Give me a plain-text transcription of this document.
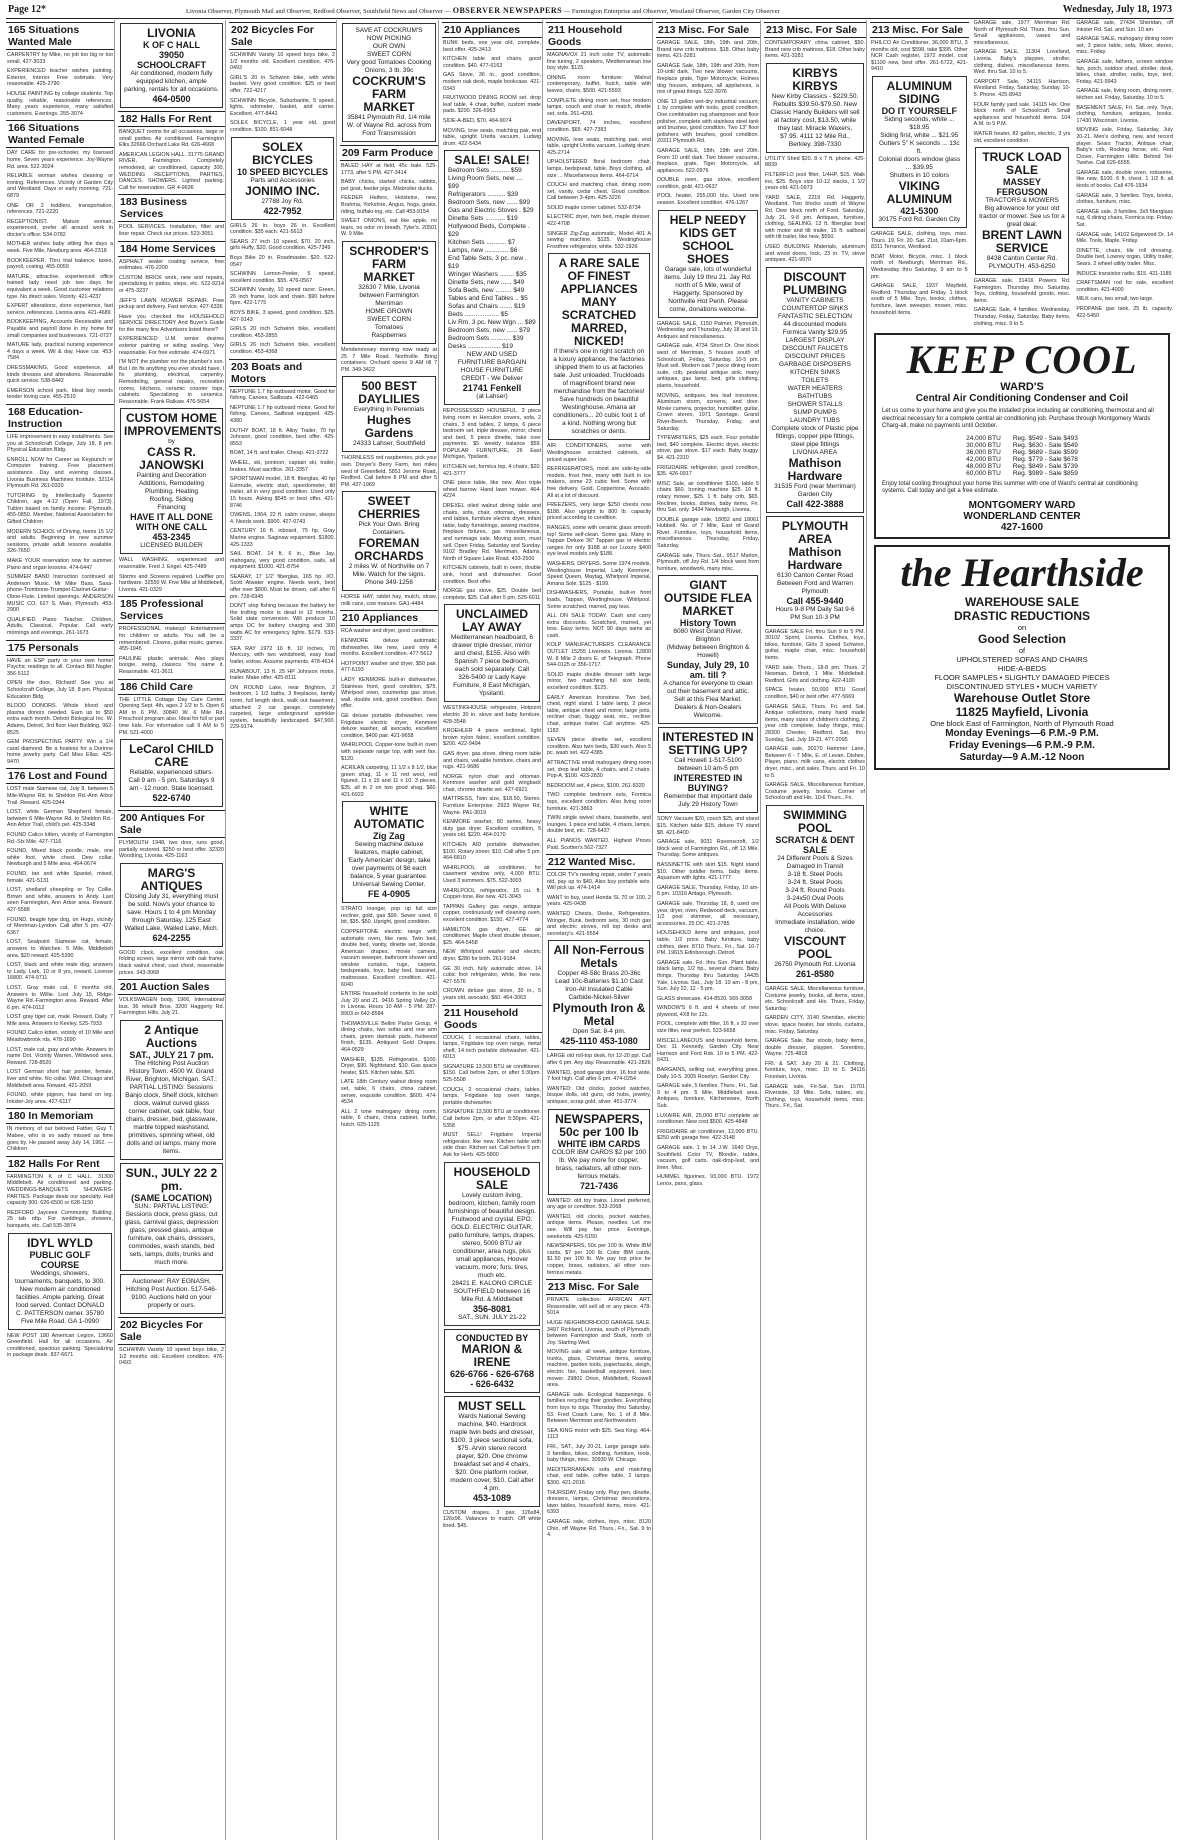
Page 12*	Livonia Observer, Plymouth Mail and Observer, Redford Observer, Southfield News and Observer — OBSERVER NEWSPAPERS — Farmington Enterprise and Observer, Westland Observer, Garden City Observer	Wednesday, July 18, 1973
165 Situations Wanted Male
CARPENTRY by Mike, no job too big or too small. 427-3033
EXPERIENCED teacher wishes painting. Exterior, interior. Free estimate. Very reasonable. 425-2790
HOUSE PAINTING by college students. Top quality, reliable, reasonable references. Many years experience, many satisfied customers. Evenings. 255-3074
166 Situations Wanted Female
DAY CARE for pre-schooler, my licensed home. Seven years experience. Joy-Wayne Rd. area. 522-3024
RELIABLE woman wishes cleaning or ironing. References. Vicinity of Garden City and Westland. Days or early morning. 721-6879
ONE OR 2 toddlers, transportation, references. 721-2220
RECEPTIONIST. Mature woman, experienced, prefer all around work in doctor's office. 534-0782
MOTHER wishes baby sitting five days a week. Five Mile, Newburg area. 464-2318
BOOKKEEPER. Thru trial balance, taxes, payroll, costing. 455-0059
MATURE, attractive, experienced office trained lady need job two days for equivalent a week. Good customer relations type. No direct sales. Vicinity. 421-4237
EXPERT alterations, store experience, fast service, references. Livonia area. 421-4689
BOOKKEEPING, Accounts Receivable and Payable and payroll done in my home for small companies and businesses. 721-0727
MATURE lady, practical nursing experience 4 days a week. Wil & day. Have car. 453-7584
DRESSMAKING, Good experience, all kinds dresses and alterations. Reasonable quick service. 538-8442
EMERSON school park. Ideal boy needs tender loving care. 455-2510
168 Education-Instruction
LIFE improvement in easy installments. See you at Schoolcraft College, July 18, 8 pm. Physical Education Bldg.
ENROLL NOW for Career as Keypunch or Computer training. Free placement assistance. Day and evening classes. Livonia Business Machines Institute. 32114 Plymouth Rd. 261-0320
TUTORING by Intellectually Superior Children, age 4-12 (Open Fall, 1973). Tuition based on family income. Plymouth. 455-0850. Member, National Association for Gifted Children
MODERN SCHOOL of Driving, teens 15 1/2 and adults. Beginning in new summer sessions, private adult lessons available. 326-7650
MAKE YOUR reservation now for summer. Piano and organ lessons. 474-6447
SUMMER BAND Instruction continued at Anderson Music. Mr Mike Bass, Saxa-phone-Trombone-Trumpet-Clarinet-Guitar-Oboe-Flute. Limited openings. ANDERSON MUSIC CO. 627 S. Main, Plymouth. 453-2900
QUALIFIED Piano Teacher. Children, Adults, Classical, Popular. Call early mornings and evenings. 261-1673
175 Personals
HAVE an ESP party in your own home! Psychic readings to all. Contact Bill Nagler. 356-5112
OPEN the door, Richard! See you at Schoolcraft College, July 18, 8 pm. Physical Education Bldg.
BLOOD DONORS. Whole blood and plasma donors needed. Earn up to $50 extra each month. Detroit Biological Inc. W. Adams, Detroit, 3rd floor Hart Building. 962-8525
GEM PROSPECTING PARTY. Win a 1/4 carat diamond. Be a hostess for a Dorinne home jewelry party. Call Miss Ellas. 425-9470
176 Lost and Found
LOST male Siamese cat, July 8, between 5 Mile-Wayne Rd. to Sheldon Rd.-Ann Arbor Trail. Reward. 425-0344
LOST, white German Shepherd female, between 6 Mile-Wayne Rd. to Sheldon Rd.-Ann Arbor Trail, child's pet. 425-3348
FOUND Calico kitten, vicinity of Farmington Rd.-Six Mile. 427-7116
FOUND, Mixed black poodle, male, one white foot, white chest. Dew collar. Newburgh and 5 Mile area. 464-0674
FOUND, tan and white Spaniel, mixed, female. 421-5131
LOST, shetland sheepdog or Toy Collie. Brown and white, answers to Andy. Last seen Farmington, Ann Arbor area. Reward. 427-5588
FOUND, beagle type dog, on Hugo, vicinity of Merriman-Lyndon. Call after 5 pm. 427-6367
LOST, Sealpoint Siamese cat, female, answers to Watchee. 5 Mile, Middlebelt area. $20 reward. 425-5390
LOST, black and white male dog, answers to Lady, Lark, 10 or 8 yrs, reward. License 16800. 474-9711
LOST, Gray male cat, 6 months old, Answers to Willie. Lost July 15, Ridge-Wayne Rd.-Farmington area. Reward. After 6 pm. 474-0112
LOST gray tiger cat, male. Reward. Daily. 7 Mile area. Answers to Keeley. 525-7933
FOUND Calico kitten, vicinity of 10 Mile and Meadowbrook rds. 478-1690
LOST, male cat, gray and white. Answers to name Dot. Vicinity Warren, Wildwood area. Reward. 728-8520
LOST German short hair pointer, female, liver and white. No collar. Wild. Chicago and Middlebelt area. Reward. 421-2059
FOUND, white pigeon, has band on leg. Inkster-Joy area. 427-6117
180 In Memoriam
IN memory of our beloved Father, Guy T. Mabee, who is so sadly missed as time goes by. He passed away July 14, 1962. — Children
182 Halls For Rent
FARMINGTON K of C HALL. 31300 Middlebelt. Air conditioned and parking. WEDDINGS-BANQUETS SHOWERS-PARTIES. Package deals our specialty. Hall capacity 300. 626-6500 or 628-1150
REDFORD Jaycees Community Building. 25 tab rdtp. For weddings, showers, banquets, etc. Call 535-3874
IDYL WYLD
PUBLIC GOLF COURSE
Weddings, showers, tournaments, banquets, to 300. New modern air conditioned facilities. Ample parking. Great food served. Contact DONALD C. PATTERSON owner. 35780 Five Mile Road. GA 1-0990
NEW POST 180 American Legion, 13660 Greenfield. Hall for all occasions. Air conditioned, spacious parking. Specializing in package deals. 837-6671
LIVONIA
K OF C HALL
39050 SCHOOLCRAFT
Air conditioned, modern fully equipped kitchen, ample parking, rentals for all occasions.
464-0500
182 Halls For Rent
BANQUET rooms for all occasions, large or small parties. Air conditioned. Farmington Elks 32666 Orchard Lake Rd. 626-4668
AMERICAN LEGION HALL. 31775 GRAND RIVER, Farmington. Completely remodeled, air conditioned, capacity 300. WEDDING RECEPTIONS, PARTIES, DANCES, SHOWERS. Lighted parking. Call for reservation. GR 4-9636
183 Business Services
POOL SERVICES. Installation, filter and liner repair. Check our prices. 523-3051
184 Home Services
ASPHALT sealer coating service, free estimates. 476-2200
CUSTOM BRICK work, new and repairs, specializing in patios, steps, etc. 522-9214 or 475-3237
JEFF'S LAWN MOWER REPAIR. Free pickup and delivery. Fast service. 427-6336
Have you checked the HOUSEHOLD SERVICE DIRECTORY And Buyer's Guide for the many fine Advertisers listed there?
EXPERIENCED U.M. senior desires exterior painting or siding sealing. Very reasonable. For free estimate. 474-0971
I'M NOT the plumber nor the plumber's son. But I do fix anything you ever should have. I fix plumbing, electrical, carpentry. Remodeling, general repairs, recreation rooms, kitchens, ceramic counter tops, cabinets. Specializing in ceramics. Reasonable. Frank Ralkaw. 476-5654
CUSTOM HOME IMPROVEMENTS
by
CASS R. JANOWSKI
Painting and Decoration
Additions, Remodeling
Plumbing, Heating
Roofing, Siding
Financing
HAVE IT ALL DONE WITH ONE CALL
453-2345
LICENSED BUILDER
WALL WASHING, experienced and reasonable. Fred J. Engel. 425-7489
Storms and Screens repaired. Loeffler pro hardware. 32550 W. Five Mile at Middlebelt, Livonia. 421-0329
185 Professional Services
PROFESSIONAL makeup! Entertainment for children or adults. You will be a remembered. Clowns, guitar music, games. 455-1945
PAULINE plastic animals. Also plays boogie, swing, classics. You name it. Reasonable. 421-3611
186 Child Care
THE LITTLE Cottage Day Care Center. Opening Sept. 4th, ages 2 1/2 to 5. Open 6 AM to 6 PM. 30840 W. 6 Mile Rd. Preschool program also. Ideal for full or part time kids. For information call 9 AM to 5 PM. 521-4000
LeCarol CHILD CARE
Reliable, experienced sitters. Call 9 am - 5 pm, Saturdays 9 am - 12 noon. State licensed.
522-6740
200 Antiques For Sale
PLYMOUTH 1948, two door, runs good, partially restored. $250 or best offer. 32320 Woodring, Livonia. 425-1163
MARG'S ANTIQUES
Closing July 31, everything must be sold. Now's your chance to save. Hours 1 to 4 pm Monday through Saturday. 125 East Walled Lake, Walled Lake, Mich.
624-2255
GOOD clock, excellent condition, oak folding screen, large mirror with oak frame, black walnut chest, cast chest, reasonable prices. 343-3068
201 Auction Sales
VOLKSWAGEN body, 1966, International bus. 36 rebuilt Bros. 3200 Haggerty Rd. Farmington Hills. July 21.
2 Antique Auctions
SAT., JULY 21 7 pm.
The Hitching Post Auction
History Town. 4500 W. Grand River, Brighton, Michigan. SAT.: PARTIAL LISTING: Sessions Banjo clock, Shelf clock, kitchen clock, walnut curved glass corner cabinet, oak table, four chairs, dresser, bed, glassware, marble topped washstand, primitives, spinning wheel, old dolls and oil lamps, many more items.
SUN., JULY 22 2 pm.
(SAME LOCATION)
SUN.: PARTIAL LISTING: Sessions clock, press glass, cut glass, carnival glass, depression glass, pressed glass, antique furniture, oak chairs, dressers, commodes, wash stands, bed sets, lamps, dolls, trunks and much more.
Auctioneer: RAY EGNASH, Hitching Post Auction. 517-546-9100. Auctions held on your property or ours.
202 Bicycles For Sale
SCHWINN Varsity 10 speed boys bike, 2 1/2 months old. Excellent condition. 476-0493
202 Bicycles For Sale
SCHWINN Varsity 10 speed boys bike, 2 1/2 months old. Excellent condition. 476-0493
GIRL'S 20 in Schwinn bike, with white basket. Very good condition. $25 or best offer. 722-4217
SCHWINN Bicycle, Suburbanite, 5 speed, lights, odometer, basket, and carrier. Excellent. 477-8442
SOLEX BICYCLE, 1 year old, good condition. $100. 851-6048
SOLEX BICYCLES
10 SPEED BICYCLES
Parts and Accessories
JONIMO INC.
27788 Joy Rd.
422-7952
GIRLS 26 in. boys 26 in. Excellent condition. $35 each. 421-5613
SEARS 27 inch 10 speed, $70. 20 inch, girls Huffy, $20. Good condition. 425-7349
Boys Bike 20 in. Roadmaster. $20. 522-0547
SCHWINN Lemon-Peeler, 5 speed, excellent condition. $55. 476-0567
SCHWINN Varsity, 10 speed racer. Green, 26 inch frame, lock and chain. $90 before 6pm. 422-1775
BOYS BIKE, 3 speed, good condition. $25. 427-9143
GIRLS 20 inch Schwinn bike, excellent condition. 453-2855
GIRLS 26 inch Schwinn bike, excellent condition. 453-4368
203 Boats and Motors
NEPTUNE 1.7 hp outboard motor. Good for fishing. Canoes, Sailboats. 422-6465
NEPTUNE 1.7 hp outboard motor. Good for fishing. Canoes, Sailboat equipped. 425-4380
DUTHY BOAT, 18 ft. Alloy Trailer, 70 hp Johnson, good condition, best offer. 425-8553
BOAT, 14 ft. and trailer. Cheap. 421-3722
WHEEL, ski, pontoon, captain ski, trailer, brakes. Must sacrifice. 261-3357
SPORTSMAN model, 18 ft. fiberglas, 40 hp Evinrude, electric start, speedometer, tilt trailer, all in very good condition. Used only 15 hours. Asking $545 or best offer. 421-8746
OWENS, 1964, 22 ft. cabin cruiser, sleeps 4. Needs work. $900. 427-0743
CENTURY 16 ft. inboard, 75 hp, Gray Marine engine. Saginaw equipment. $1800. 425-1333
SAIL BOAT, 14 ft, 6 in., Blue Jay, mahogany, very good condition, sails, all equipment. $1000. 421-8754
SEARAY, 17 1/2' fiberglas, 165 hp. I/O, Scott Atwater engine. Needs work, best offer over $800. Must be driven, call after 6 pm. 728-6945
DON'T stop fishing because the battery for the trolling motor is dead in 12 months. Solid state conversion. Will produce 10 amps DC for battery charging and 300 watts AC for emergency lights. $179. 533-3337
SEA RAY 1972 16 ft. 10 inches, 70 Mercury, with two windshield, easy load trailer, extras. Assume payments. 478-4614
RUNABOUT, 13 ft. 25 HP Johnson motor, trailer. Make offer. 425-8111
ON ROUND Lake, near Brighton, 2 bedroom, 1 1/2 baths, 3 fireplaces, family room, full length deck, walk out basement, attached 2 car garage, completely carpeted, large underground sprinkler system, beautifully landscaped. $47,900. 229-9174
SAVE AT COCKRUM'S
NOW PICKING
OUR OWN
SWEET CORN
Very good Tomatoes Cooking Onions, 3 lb. 39c
COCKRUM'S FARM MARKET
35841 Plymouth Rd. 1/4 mile W. of Wayne Rd. across from Ford Transmission
209 Farm Produce
BALED HAY at field, 45c bale. 525-1773, after 5 PM. 427-3414
BABY chicks, started chicks, rabbits, pet goat, feeder pigs. Misbroiler ducks.
FEEDER Heifers, Holsteins, new, Brahma, Yorkshire, Angus, hogs, goats, riding, buffalo-ing, etc. Call 453-9154
SWEET ONIONS, eat like apple, no tears, no odor on breath. Tyler's. 20501 W. 9 Mile.
SCHRODER'S FARM MARKET
32630 7 Mile, Livonia between Farmington Merriman
HOME GROWN
SWEET CORN
Tomatoes
Raspberries
Mendenmosey morning now ready at 25 7 Mile Road. Northville. Bring containers. Orchard opens 9 AM till 7 PM. 349-3422
500 BEST DAYLILIES
Everything In Perennials
Hughes Gardens
24333 Lahser, Southfield
THORNLESS red raspberries, pick your own. Dreyer's Berry Farm, two miles west of Greenfield. 5851 Jerome Road, Redford. Call before 8 PM and after 5 PM. 437-1969
SWEET CHERRIES
Pick Your Own. Bring Containers.
FOREMAN ORCHARDS
2 miles W. of Northville on 7 Mile. Watch for the signs. Phone 349-1256
HORSE HAY, rabbit hay, mulch, straw, milk cans, cow manure. GA1-4484
210 Appliances
RCA washer and dryer, good condition.
KENMORE deluxe automatic dishwasher, like new, used only 4 months. Excellent condition. 477-5612
HOTPOINT washer and dryer, $50 pair. 477-6193
LADY KENMORE built-in dishwasher, Stainless front, good condition, $75. Whirlpool oven, countertop gas stove, wall, double sink, good condition. Best offer.
GE deluxe portable dishwasher, new Frigidaire electric dryer, Kenmore deluxe washer, all avocado, excellent condition, $400 pair. 421-9658
WHIRLPOOL Copper-tone built-in oven with separate range top, with vent fan. $120.
ACRILAN carpeting, 11 1/2 x 8 1/2, blue green shag, 11 x 11 red wool, red figured, 11 x 15 and 11 x 10. 3 pieces, $35. all in 2 on two good shag, $60. 421-6922
WHITE AUTOMATIC
Zig Zag
Sewing machine deluxe features, maple cabinet, 'Early American' design, take over payments of $6 each balance, 5 year guarantee. Universal Sewing Center.
FE 4-0905
STRATO lounger, pop up full size recliner, gold, gas $99. Sewer used, 6 bit, $35. $50. Upright, good condition.
COPPERTONE electric range with automatic oven, like new. Twin bed, double bed, vanity, dinette set, blonde, American drapes, movie camera, vacuum sweeper, bathroom shower and window curtains, rugs, carpets, bedspreads, toys, baby bed, bassinet, mattresses. Excellent condition. 421-6040
ENTIRE household contents to be sold July 20 and 21. 9416 Spring Valley Dr. in Livonia. Hours 10 AM - 5 PM. 287-8903 or 642-8584
THOMASVILLE Bellini Parlor Group, 4 dining chairs, two sofas and one arm chairs, green damask pads, fruitwood finish, $135. Antiqued Gold Drapes. 464-0529
WASHER, $135. Refrigerator, $100. Dryer, $90. Nightstand, $10. Gas space heater, $15. Kitchen table, $20.
LATE 18th Century walnut dining room set, table, 6 chairs, china cabinet, server, exquisite condition. $600. 474-4534
ALL 2 tone mahogany dining room, table, 6 chairs, china cabinet, buffet, hutch. 625-1125
210 Appliances
BUNK beds, one year old, complete, best offer. 425-3413
KITCHEN table and chairs, good condition. $40. 477-6163
GAS Stove, 36 in., good condition, modern oak desk, maple bookcase. 421-0343
FRUITWOOD DINING ROOM set. drop leaf table, 4 chair, buffet, custom made pads. $200. 326-6963
SIDE-A-BED, $70. 464-9074
MOVING, love seats, matching pair, end table, upright Uretta vacuum, Ludwig drum. 422-5434
SALE! SALE!
Bedroom Sets .......... $59
Living Room Sets, new .... $99
Refrigerators .......... $39
Bedroom Sets, new ...... $99
Gas and Electric Stoves . $29
Dinette Sets ........... $19
Hollywood Beds, Complete . $29
Kitchen Sets ........... $7
Lamps, new ............. $6
End Table Sets, 3 pc. new . $19
Wringer Washers ........ $35
Dinette Sets, new ...... $49
Sofa Beds, new ......... $49
Tables and End Tables .. $5
Sofas and Chairs ....... $19
Beds ................... $5
Liv Rm. 3 pc. New Wgn ... $89
Bedroom Sets, new ...... $79
Bedroom Sets ........... $39
Desks .................. $19
NEW AND USED FURNITURE BARGAIN HOUSE FURNITURE CREDIT - We Deliver
21741 Fenkell
(at Lahser)
REPOSSESSED HOUSEFUL. 3 piece living room in Herculon covers, sofa, 2 chairs, 3 end tables, 2 lamps, 6 piece bedroom set, triple dresser, mirror, chest and bed, 5 piece dinette, take over payments, $5 weekly balance $59. POPULAR FURNITURE, 26 East Michigan, Ypsilanti.
KITCHEN set, formica top, 4 chairs, $20. 421-3777
ONE piece table, like new. Also triple wheel barrow. Hand lawn mower. 464-4224
DREXEL oiled walnut dining table and chairs, sofa, chair, ottoman, dressers, end tables, furniture electric dryer, infant table, baby furnishings, sewing machine, fireplace fixtures, gas miscellaneous, and rummage sale. Moving soon, must sell. Open Friday, Saturday and Sunday. 9102 Bradley Rd. Merriman, Adams, North of Square Lake Road. 433-2500
KITCHEN cabinets, built in oven, double sink, hood and dishwasher. Good condition. Best offer.
NORGE gas stove, $25. Double bed complete, $25. Call after 5 pm. 525-6011
UNCLAIMED LAY AWAY
Mediterranean headboard, 6 drawer triple dresser, mirror and chest, $155. Also with Spanish 7 piece bedroom, each sold separately. Call 326-5400 or Lady Kaye Furniture, 8 East Michigan, Ypsilanti.
WESTINGHOUSE refrigerator, Hotpoint electric 30 in. stove and baby furniture. 428-3548
KROEHLER 4 piece sectional, light brown nylon fabric, excellent condition. $200. 422-9494
GAS dryer, gas stove, dining room table and chairs, valuable furniture, chairs and rugs. 421-9686
NORGE nylon chair and ottoman. Kenmore washer and gold wingback chair, chrome dinette set. 427-6921
MATTRESS, Twin size, $18.50, Stereo. Furniture Enterprise. 2923 Wayne Rd, Wayne. PA1-3019
KENMORE washer, 80 series, heavy duty gas dryer. Excellent condition, 5 years old. $220. 464-0170
KITCHEN AID portable dishwasher, $100. Rotary ironer, $10. Call after 5 pm. 464-6810
WHIRLPOOL air conditioner, for casement window only, 4,000 BTU. Used 3 summers. $75. 522-3003
WHIRLPOOL refrigerator, 15 cu. ft. Copper-tone, like new. 421-3043
TAPPAN Gallery gas range, antique copper, continuously self cleaning oven, excellent condition. $150. 427-4774
HAMILTON gas dryer, GE air conditioner, Maple chest double dresser, $25. 464-5458
NEW Whirlpool washer and electric dryer, $280 for both. 261-9184
GE 30 inch, fully automatic stove, 14 cubic foot refrigerator, white, like new. 427-5576
CROWN deluxe gas stove, 30 in., 5 years old, avocado, $60. 464-3063
211 Household Goods
COUCH, 1 occasional chairs, tables, lamps, Frigidaire top oven range, metal shelf, 14 inch portable dishwasher. 421-6013
SIGNATURE 13,500 BTU air conditioner, $150. Call before 2pm, or after 5:30pm. 525-5508
COUCH, 2 occasional chairs, tables, lamps, Frigidaire top oven range, portable dishwasher.
SIGNATURE 13,500 BTU air conditioner. Call before 2pm, or after 5:30pm. 421-5358
MUST SELL! Frigidaire Imperial refrigerator, like new. Kitchen table with side chair. Kitchen set. Call before 5 pm. Ask for Herb. 425-5800
HOUSEHOLD SALE
Lovely custom living, bedroom, kitchen, family room furnishings of beautiful design. Fruitwood and crystal. EPO. GOLD. ELECTRIC GUITAR, patio furniture, lamps, drapes, stereo, 5000 BTU air conditioner, area rugs, plus small appliances, Hoover vacuum, more; furs, tires, much etc.
28421 E. KALONG CIRCLE
SOUTHFIELD between 16 Mile Rd. & Middlebelt
356-8081
SAT., SUN. JULY 21-22
CONDUCTED BY
MARION & IRENE
626-6766 - 626-6768 - 626-6432
MUST SELL
Wards National Sewing machine, $40. Hardrock maple twin beds and dresser, $100. 3 piece sectional sofa, $75. Arvin stereo record player, $20. One chrome breakfast set and 4 chairs, $20. One platform rocker, modern cover, $10. Call after 4 pm.
453-1089
CUSTOM drapes, 3 pair, 126x84, 126x96. Valances to match. Off white lined. $45.
211 Household Goods
MAGNAVOX 21 inch color TV, automatic fine tuning, 2 speakers, Mediterranean low boy style. $125.
DINING room furniture: Walnut contemporary, buffet, hutch, table with leaves, chairs, $500. 421-5593
COMPLETE dining room set, four modern lamps, couch and chair to match, dinette set, sofa. 261-4291
DAVENPORT, 74 inches, excellent condition. $65. 427-7383
MOVING, love seats, matching pair, end table, upright Uretta vacuum, Ludwig drum. 425-2714
UPHOLSTERED floral bedroom chair, lamps, bedspread, table, Boys clothing, all size ... Miscellaneous items. 464-6714
COUCH and matching chair, dining room set, vanity, cedar chest. Good condition. Call between 3-4pm. 425-3226
SOLID maple corner cabinet. 532-8734
ELECTRIC dryer, twin bed, maple dresser. 422-4708
SINGER Zig-Zag automatic, Model 401 A sewing machine, $125. Westinghouse Frostfree refrigerator, white. 532-1926
A RARE SALE OF FINEST APPLIANCES MANY SCRATCHED MARRED, NICKED!
If there's one in right scratch on a luxury appliance, the factories shipped them to us at factories sale. Just unloaded. Truckloads of magnificent brand new merchandise from the factories! Save hundreds on beautiful Westinghouse, Amana air conditioners... 20 cubic foot 1 of a kind. Nothing wrong but scratches or dents.
AIR CONDITIONERS, some with Westinghouse scratched cabinets, all priced super low.
REFRIGERATORS, most are side-by-side models, frost free, many with built in ice makers, some 23 cubic feet. Some with free delivery. Gold, Coppertone, Avocado. All at a lot of discount.
FREEZERS, very large $250 chests now $188. Also upright to 800 lb. capacity priced according to condition.
RANGES, some with ceramic glass smooth top! Some self-clean. Some gas. Many in Tappan Deluxe 36" Tappan gas or electric ranges for only $188 at our Luxury $400 eye level models only $188.
WASHERS, DRYERS. Some 1974 models, Westinghouse Imperial, Lady Kenmore, Speed Queen, Maytag, Whirlpool Imperial, Amana Sole. $125 - $199.
DISHWASHERS, Portable, built-in front loads, Tappan, Westinghouse. Whirlpool. Some scratched, marred, pay less.
ALL ON SALE TODAY. Cash and carry extra discounts. Scratched, marred, yet less. Easy terms. NOT 90 days same as cash.
KOLP MANUFACTURERS CLEARANCE OUTLET 15255 Livernois. Livonia. 12800 W. 8 Mile 2 doors E. of Telegraph. Phone 544-0125 or 356-1717.
SOLID maple double dresser with large mirror, two matching full size beds, excellent condition. $125.
EARLY American Ironstone. Two bed, chest, night stand. 1 table lamp, 2 piece table, antique chest and mirror, large pots, recliner chair, buggy seat, etc., recliner chair, antique trailer. Call anytime. 425-1183
SEVEN piece dinette set, excellent condition. Also twin beds, $30 each. Also 5 pc. wash set. 422-4385
ATTRACTIVE small mahogany dining room set, drop leaf table, 4 chairs, and 2 chairs. Pop-A. $100. 423-2830
BEDROOM set, 4 piece, $100. 261-8320
TWO complete bedroom sets, Formica tops, excellent condition. Also living room furniture. 421-3863
TWIN single swivel chairs, bassinette, and lounges. 1 piece end table, 4 chairs, lamps, double bed, etc. 728-6437
ALL PIANOS WANTED. Highest Prices Paid. Scotten's 562-7327
212 Wanted Misc.
COLOR TV's needing repair, under 7 years old, pay up to $40. Also buy portable sets. Will pick up. 474-1414
WANT to buy, used Honda SL 70 or 100, 2 years. 425-0438
WANTED Chests, Desks, Refrigerators, Wringer, Bunk, bedroom sets, 30 inch gas and electric stoves, roll top desks and secretary's. 421-5554
All Non-Ferrous Metals
Copper 48-58c Brass 20-36c Lead 10c-Batteries $1.10 Cast Iron-All Insulated Cable Carbide-Nickel-Silver
Plymouth Iron & Metal
Open Sat. 8-4 pm.
425-1110 453-1080
LARGE old roll-top desk, for 12-20 ppl. Call after 6 pm. Any day. Reasonable. 421-2826
WANTED, good garage door, 16 foot wide, 7 foot high. Call after 6 pm. 474-0254
WANTED: Old clocks, pocket watches, bisque dolls, old guns, old hobs, jewelry, antiques, scrap gold, silver. 451-3774
NEWSPAPERS, 50c per 100 lb
WHITE IBM CARDS
COLOR IBM CARDS $2 per 100 lb. We pay more for copper, brass, radiators, all other non-ferrous metals.
721-7436
WANTED: old toy trains. Lionel preferred, any age or condition. 533-2068
WANTED, old clocks, pocket watches, antique items. Please, needles. Let me see. Will pay fair price. Evenings, weekends. 425-5150
NEWSPAPERS, 50c per 100 lb. White IBM cards, $7 per 100 lb. Color IBM cards, $1.50 per 100 lb. We pay top price for copper, brass, radiators, all other non-ferrous metals.
213 Misc. For Sale
PRIVATE collection: AFRICAN ART. Reasonable, will sell all or any piece. 478-5014
HUGE NEIGHBORHOOD GARAGE SALE. 3497 Richland, Livonia, south of Plymouth, between Farmington and Stark, north of Joy. Starting Wed.
MOVING sale: all week, antique furniture, trunks, glass, Christmas items, sewing machine, garden tools, paperbacks, sleigh, electric fan, basketball equipment, lawn mower. 29801 Orion, Middlebelt, Roswell area.
GARAGE sale. Ecological happenings. 6 families recycling their goodies. Everything from toys to toga. Thursday thru Saturday. 53. Fred Coach Lane, No. 1 of 8 Mile. Between Merriman and Northwestern.
SEA KING motor with $25. Sea King. 464-1113
FRI., SAT., July 20-21. Large garage sale. 3 families, bikes, clothing, furniture, tools, baby things, misc. 30930 W. Chicago.
MEDITERRANEAN sofa and matching chair, end table, coffee table, 2 lamps. $300. 421-2016
THURSDAY, Friday only. Play pen, dinette, dressers, lamps, Christmas decorations, lawn tables, household items, more. 421-6393
GARAGE sale, clothes, toys, misc. 8120 Ohio, off Wayne Rd. Thurs., Fri., Sat. 9 to 4.
213 Misc. For Sale
GARAGE SALE, 18th, 19th and 20th, Brand new crib mattress. $18. Other baby items. 421-3281
GARAGE Sale, 18th, 19th and 20th, from 10-until dark. Two new blower vacuums, fireplace grate, Tiger Motorcycle, Holmes dog houses, antiques, all appliances, a mix of great things. 522-3976
ONE 13 gallon wet-dry industrial vacuum; 1 by complete with tools, good condition. One combination rug shampooer and floor polisher, complete with stainless steel tank and brushes, good condition. Two 13" floor polishers with brushes, good condition. 20311 Plymouth Rd.
GARAGE SALE, 18th, 19th and 20th. From 10 until dark. Two blower vacuums, fireplace, grate, Tiger Motorcycle, all appliances. 522-0976
DOUBLE oven, gas stove, excellent condition, gold. 421-0637
POOL heater, 255,000 btu. Used one season. Excellent condition. 476-1267
HELP NEEDY KIDS GET SCHOOL SHOES
Garage sale, lots of wonderful items. July 19 thru 21. Jay Rd. north of 5 Mile, west of Haggerty. Sponsored by Northville Hot Penh. Please come, donations welcome.
GARAGE SALE, 1150 Palmer, Plymouth, Wednesday and Thursday, July 18 and 19. Antiques and miscellaneous.
GARAGE sale, 4734 Short Dr. One block west of Merriman, 5 houses south of Schoolcraft, Friday, Saturday. 10-5 pm. Must sell. Modern oak 7 piece dining room suite, crib, pedestal antique sink, many antiques, gas lamp, bed, girls clothing, plants, household.
MOVING, antiques, tea leaf ironstone, Aluminum storm, screens, and door. Movie camera, projector, humidifier, guitar, Crown stereo, 1971 Sportage. Grand River-Beech. Thursday, Friday, and Saturday.
TYPEWRITERS, $25 each. Four portable bed, $40 complete. Electric dryer, electric stove, gas stove. $17 each. Baby buggy. $4. 421-2310
FRIGIDAIRE refrigerator, good condition, $35. 426-0917
MISC Sale, air conditioner $100, table 5 chairs $60. Ironing machine $25. 10 ft. rotary mower, $25. 1 ft. baby crib, $65. Recliner, books, dishes, baby items, Fri. thru Sat. only. 3434 Newburgh, Livonia.
DOUBLE garage sale, 18052 and 18061 Hubbell. No. of 7 Mile, East of Grand River. Furniture, toys, household items, miscellaneous. Thursday, Friday, Saturday.
GARAGE sale, Thurs.-Sat., 9517 Marlon, Plymouth, off Joy Rd. 1/4 block west from furniture, woodwork, many misc.
GIANT OUTSIDE FLEA MARKET
History Town
6080 West Grand River, Brighton
(Midway between Brighton & Howell)
Sunday, July 29, 10 am. till ?
A chance for everyone to clean out their basement and attic. Sell at this Flea Market. Dealers & Non-Dealers Welcome.
INTERESTED IN SETTING UP?
Call Howell 1-517-5100 between 10 am-5 pm
INTERESTED IN BUYING?
Remember that important date July 29 History Town
SONY Vacuum $20, couch $25, and stand $15. Kitchen table $15, deluxe TV stand $8. 421-8400
GARAGE sale, 9031 Ravenscroft, 1/2 block west of Farmington Rd., off 13 Mile. Thursday. Some antiques.
BASSINETTE with skirt $15. Night stand $10. Other toddler items, baby items. Aquarium with lights. 421-1777
GARAGE SALE, Thursday, Friday, 10 am-6 pm. 10316 Antago, Plymouth.
GARAGE sale, Thursday 18, 8, used ore year, dryer, oven, Redwood deck, vacuum, 1/2 pool skimmer, all necessary, accessories. 25 DC. 421-2785
HOUSEHOLD items and antiques, pool table, 1/2 price. Baby furniture, baby clothes, deer. 8710 Thurs., Fri., Sat. 10-7 PM. 19615 Edinborough, Detroit.
GARAGE sale, Fri. thru Sun. Plant table, black lamp, 1/2 hp., several chairs. Baby things. Thursday thru Saturday. 14435 Yale, Livonia. Sat., July 18. 10 am - 8 pm, Sun. July 22, 12 - 5 pm.
GLASS showcase. 414-8520. 565-3058
WINDOW'S 6 ft. and 4 sheets of new plywood, 4X8 for 12c.
POOL, complete with filter, 16 ft. x 32 over size filter, near perfect. 523-6658
MISCELLANEOUS and household items, Dec 11 Kennedy, Garden City. Near Harrison and Ford Rds. 10 to 5 PM. 422-6431
BARGAINS, selling out, everything goes. Daily 10-5. 2005 Roselyn, Garden City.
GARAGE sale, 5 families. Thurs., Fri., Sat. 9 to 4 pm. 5 Mile, Middlebelt area. Antiques, furniture, Kitchenware, North Sub.
LUXAIRE AIR, 25,000 BTU complete air conditioner. New cost $500. 425-4848
FRIGIDAIRE air conditioner, 12,000 BTU. $250 with garage free. 422-3148
GARAGE sale, 1 to 14 J.W. 1640 Orys, Southfield. Color TV, Blondie, tables, vacuum, golf carts, oak-drop-leaf, and linen. Misc.
HUMMEL figurines, 93,000 BTU. 1972 Lenox, pans, glass.
213 Misc. For Sale
CONTEMPORARY china cabinet, $50. Brand new crib mattress, $18. Other baby items. 421-3281
KIRBYS KIRBYS
New Kirby Classics - $229.50. Rebuilts $39.50-$79.50. New Classic Handy Builders will sell at factory cost, $13.50, while they last. Miracle Waxers, $7.95. 4111 12 Mile Rd., Berkley. 398-7330
UTILITY Shed $20. 8 x 7 ft. phone. 425-8839
FILTERFLO pool filter, 1/4HP, $15. Walk ins, $25. Boys size 10-12 slacks, 1 1/2 years old. 421-0973
YARD SALE, 2219 Rd. Haggerty, Westland. Two blocks south of Wayne Rd. Dew block north of Ford. Saturday, July 21, 9-8 pm. Antiques, furniture, clothing, SEALING, 13 ft. fiberglas boat with motor and tilt trailer, 15 ft. sailboat with tilt trailer, like new, $550.
USED BUILDING Materials, aluminum and wood doors, lock, 23 in. TV, stove antiques. 421-9970
DISCOUNT PLUMBING
VANITY CABINETS
COUNTERTOP SINKS
FANTASTIC SELECTION
44 discounted models
Formica Vanity $29.95
LARGEST DISPLAY
DISCOUNT FAUCETS
DISCOUNT PRICES
GARBAGE DISPOSERS
KITCHEN SINKS
TOILETS
WATER HEATERS
BATHTUBS
SHOWER STALLS
SUMP PUMPS
LAUNDRY TUBS
Complete stock of Plastic pipe fittings, copper pipe fittings, steel pipe fittings
LIVONIA AREA
Mathison Hardware
31535 Ford (near Merriman) Garden City
Call 422-3888
PLYMOUTH AREA
Mathison Hardware
6130 Canton Center Road Between Ford and Warren Plymouth
Call 455-9440
Hours 9-8 PM Daily Sat 9-6 PM Sun 10-3 PM
GARAGE SALE Fri. thru Sun 9 to 5 PM. 30102 Sprint, Livonia. Clothes, toys, bikes, furniture, Girls 3 speed Schwinn, guitar, maple chair, misc. household items.
YARD sale, Thurs., 18-8 pm. Thurs. 2 Newman, Detroit, 1 Mile. Middlebelt. Redford. Girls and clothing. 422-4100
SPACE heater, 50,000 BTU Good condition, $40 or best offer. 477-5669
GARAGE SALE, Thurs, Fri. and Sat. Antique collections, many hand made items, many sizes of children's clothing, 2 year crib complete, baby things, misc. 28300 Chester, Redford. Sat. thru Sunday, Sat. July 18-21. 477-2095
GARAGE sale, 30270 Hammer Lane, Between 6 - 7 Mile, E. of Levan. Dishes, Player, piano, milk cans, electric clothes dryer, misc., and sales, Thurs. and Fri. 10 to 5.
GARAGE SALE, Miscellaneous furniture, Costume jewelry, books. Corner of Schoolcraft and Hix. 10-6 Thurs., Fri.
SWIMMING POOL
SCRATCH & DENT SALE
24 Different Pools & Sizes
Damaged In Transit
3-18 ft. Steel Pools
3-24 ft. Steel Pools
3-24 ft. Round Pools
3-24x50 Oval Pools
All Pools With Deluxe Accessories
Immediate installation, wide choice.
VISCOUNT POOL
26750 Plymouth Rd. Livonia
261-8580
GARAGE SALE, Miscellaneous furniture, Costume jewelry, books, all items, sizes, etc. Schoolcraft and Hix. Thurs, Friday, Saturday.
GARDEN CITY, 3140 Sheridan, electric stove, space heater, bar stools, curtains, misc. Friday, Saturday.
GARAGE Sale, Bar stools, baby items, double dresser, playpen. Sorentino, Wayne. 725-4818
FRI. & SAT. July 20 & 21. Clothing, furniture, toys, misc. 10 to 5. 34116 Fountain, Livonia.
GARAGE sale, Fri-Sat. Sun. 15701 Riverside, 18 Mile. Sofa, tables, etc. Clothing, toys, household items, misc. Thurs., Fri., Sat.
213 Misc. For Sale
PHILCO Air Conditioner, 36,000 BTU, 3 months old, cost $598, take $395. Other NCR Cash register, 1972 model, cost $1100 new, best offer. 261-5722, 421-9410
ALUMINUM SIDING
DO IT YOURSELF
Siding seconds, white ... $18.95
Siding first, white ... $21.95
Gutters 5" K seconds ... 13c ft.
Colonial doors window glass ... $39.95
Shutters in 10 colors
VIKING ALUMINUM
421-5300
30175 Ford Rd. Garden City
GARAGE SALE, clothing, toys, misc. Thurs. 19, Fri. 20. Sat. 21st, 10am-6pm. 8311 Terrance, Westland.
BOAT Motor, Bicycle, misc. 1 block north of Newburgh, Merriman Rd., Wednesday thru Saturday, 9 am to 5 pm.
GARAGE SALE, 1937 Mayfield, Redford. Thursday and Friday. 1 block south of 5 Mile. Toys, books, clothes, furniture, lawn sweeper, mower, misc. household items.
GARAGE sale, 1977 Merriman Rd. North of Plymouth Rd. Thurs. thru Sun. Small appliances, vases and miscellaneous.
GARAGE SALE, 11304 Loveland, Livonia. Baby's playpen, stroller, clothing, dishes, miscellaneous items. Wed. thru Sat. 10 to 5.
CARPORT Sale, 34115 Harrison, Westland. Friday, Saturday, Sunday. 10-5. Phone. 425-8943
FOUR family yard sale. 14115 Hix. One block north of Schoolcraft. Small appliances and household items. 104 A.M. to 5 P.M.
WATER heater, 82 gallon, electric, 3 yrs old, excellent condition.
TRUCK LOAD SALE
MASSEY FERGUSON
TRACTORS & MOWERS
Big allowance for your old tractor or mower. See us for a great deal.
BRENT LAWN SERVICE
8438 Canton Center Rd. PLYMOUTH. 453-6250
GARAGE sale, 31416 Powers Rd. Farmington. Thursday thru Saturday. Toys, clothing, household goods, misc. items.
GARAGE Sale, 4 families. Wednesday, Thursday, Friday, Saturday. Baby items, clothing, misc. 9 to 5.
GARAGE sale, 27434 Sheridan, off Inkster Rd. Sat. and Sun. 10 am.
GARAGE SALE, mahogany dining room set, 3 piece table, sofa, Mixer, stereo, misc. Friday.
GARAGE sale, fathers, screen window fan, porch, outdoor shed, stroller, desk, bikes, chair, stroller, radio, toys, tent. Friday. 421-9943
GARAGE sale, living room, dining room, kitchen set. Friday, Saturday. 10 to 5.
BASEMENT SALE, Fri. Sat. only. Toys, clothing, furniture, antiques, books. 17430 Wisconsin, Livonia.
MOVING sale, Friday, Saturday, July 20-21. Men's clothing, new, and record player. Sears Tractor, Antique chair, Baby's crib, Rocking horse, etc. Red Clover, Farmington Hills. Behind Tel-Twelve. Call 626-6555.
GARAGE sale, double oven, rotisserie, like new, $100. 6 ft. chest. 1 1/2 ft. all kinds of books. Call 476-1934
GARAGE sale, 3 families. Toys, books, clothes, furniture, misc.
GARAGE sale, 3 families. 3x5 fiberglass rug, 6 dining chairs, Formica top. Friday. Sat.
GARAGE sale, 14102 Edgewood Dr. 14 Mile. Tools, Maple. Friday.
DINETTE, chairs, tile roll dressing. Double bed, Lowrey organ, Utility trailer, Sears. 2 wheel utility trailer. Misc.
INDUCE transistor radio, $15. 421-1185
CRAFTSMAN rod for sale, excellent condition. 421-4000
MILK cans, two small, two large.
PROPANE gas tank, 25 lb. capacity. 422-5450
KEEP COOL
WARD'S
Central Air Conditioning Condenser and Coil
Let us come to your home and give you the installed price including air conditioning, thermostat and all electrical necessary for a complete central air conditioning job. Purchase through Montgomery Wards Charg-all, make no payments until October.
24,000 BTU	Reg. $549 - Sale $493
30,000 BTU	Reg. $630 - Sale $549
36,000 BTU	Reg. $689 - Sale $599
42,000 BTU	Reg. $779 - Sale $678
48,000 BTU	Reg. $849 - Sale $739
60,000 BTU	Reg. $989 - Sale $859
Enjoy total cooling throughout your home this summer with one of Ward's central air conditioning systems. Call today and get a free estimate.
MONTGOMERY WARD
WONDERLAND CENTER
427-1600
the Hearthside
WAREHOUSE SALE
DRASTIC REDUCTIONS
on
Good Selection
of
UPHOLSTERED SOFAS AND CHAIRS
HIDE-A-BEDS
FLOOR SAMPLES • SLIGHTLY DAMAGED PIECES
DISCONTINUED STYLES • MUCH VARIETY
Warehouse Outlet Store
11825 Mayfield, Livonia
One block East of Farmington, North of Plymouth Road
Monday Evenings—6 P.M.-9 P.M.
Friday Evenings—6 P.M.-9 P.M.
Saturday—9 A.M.-12 Noon
